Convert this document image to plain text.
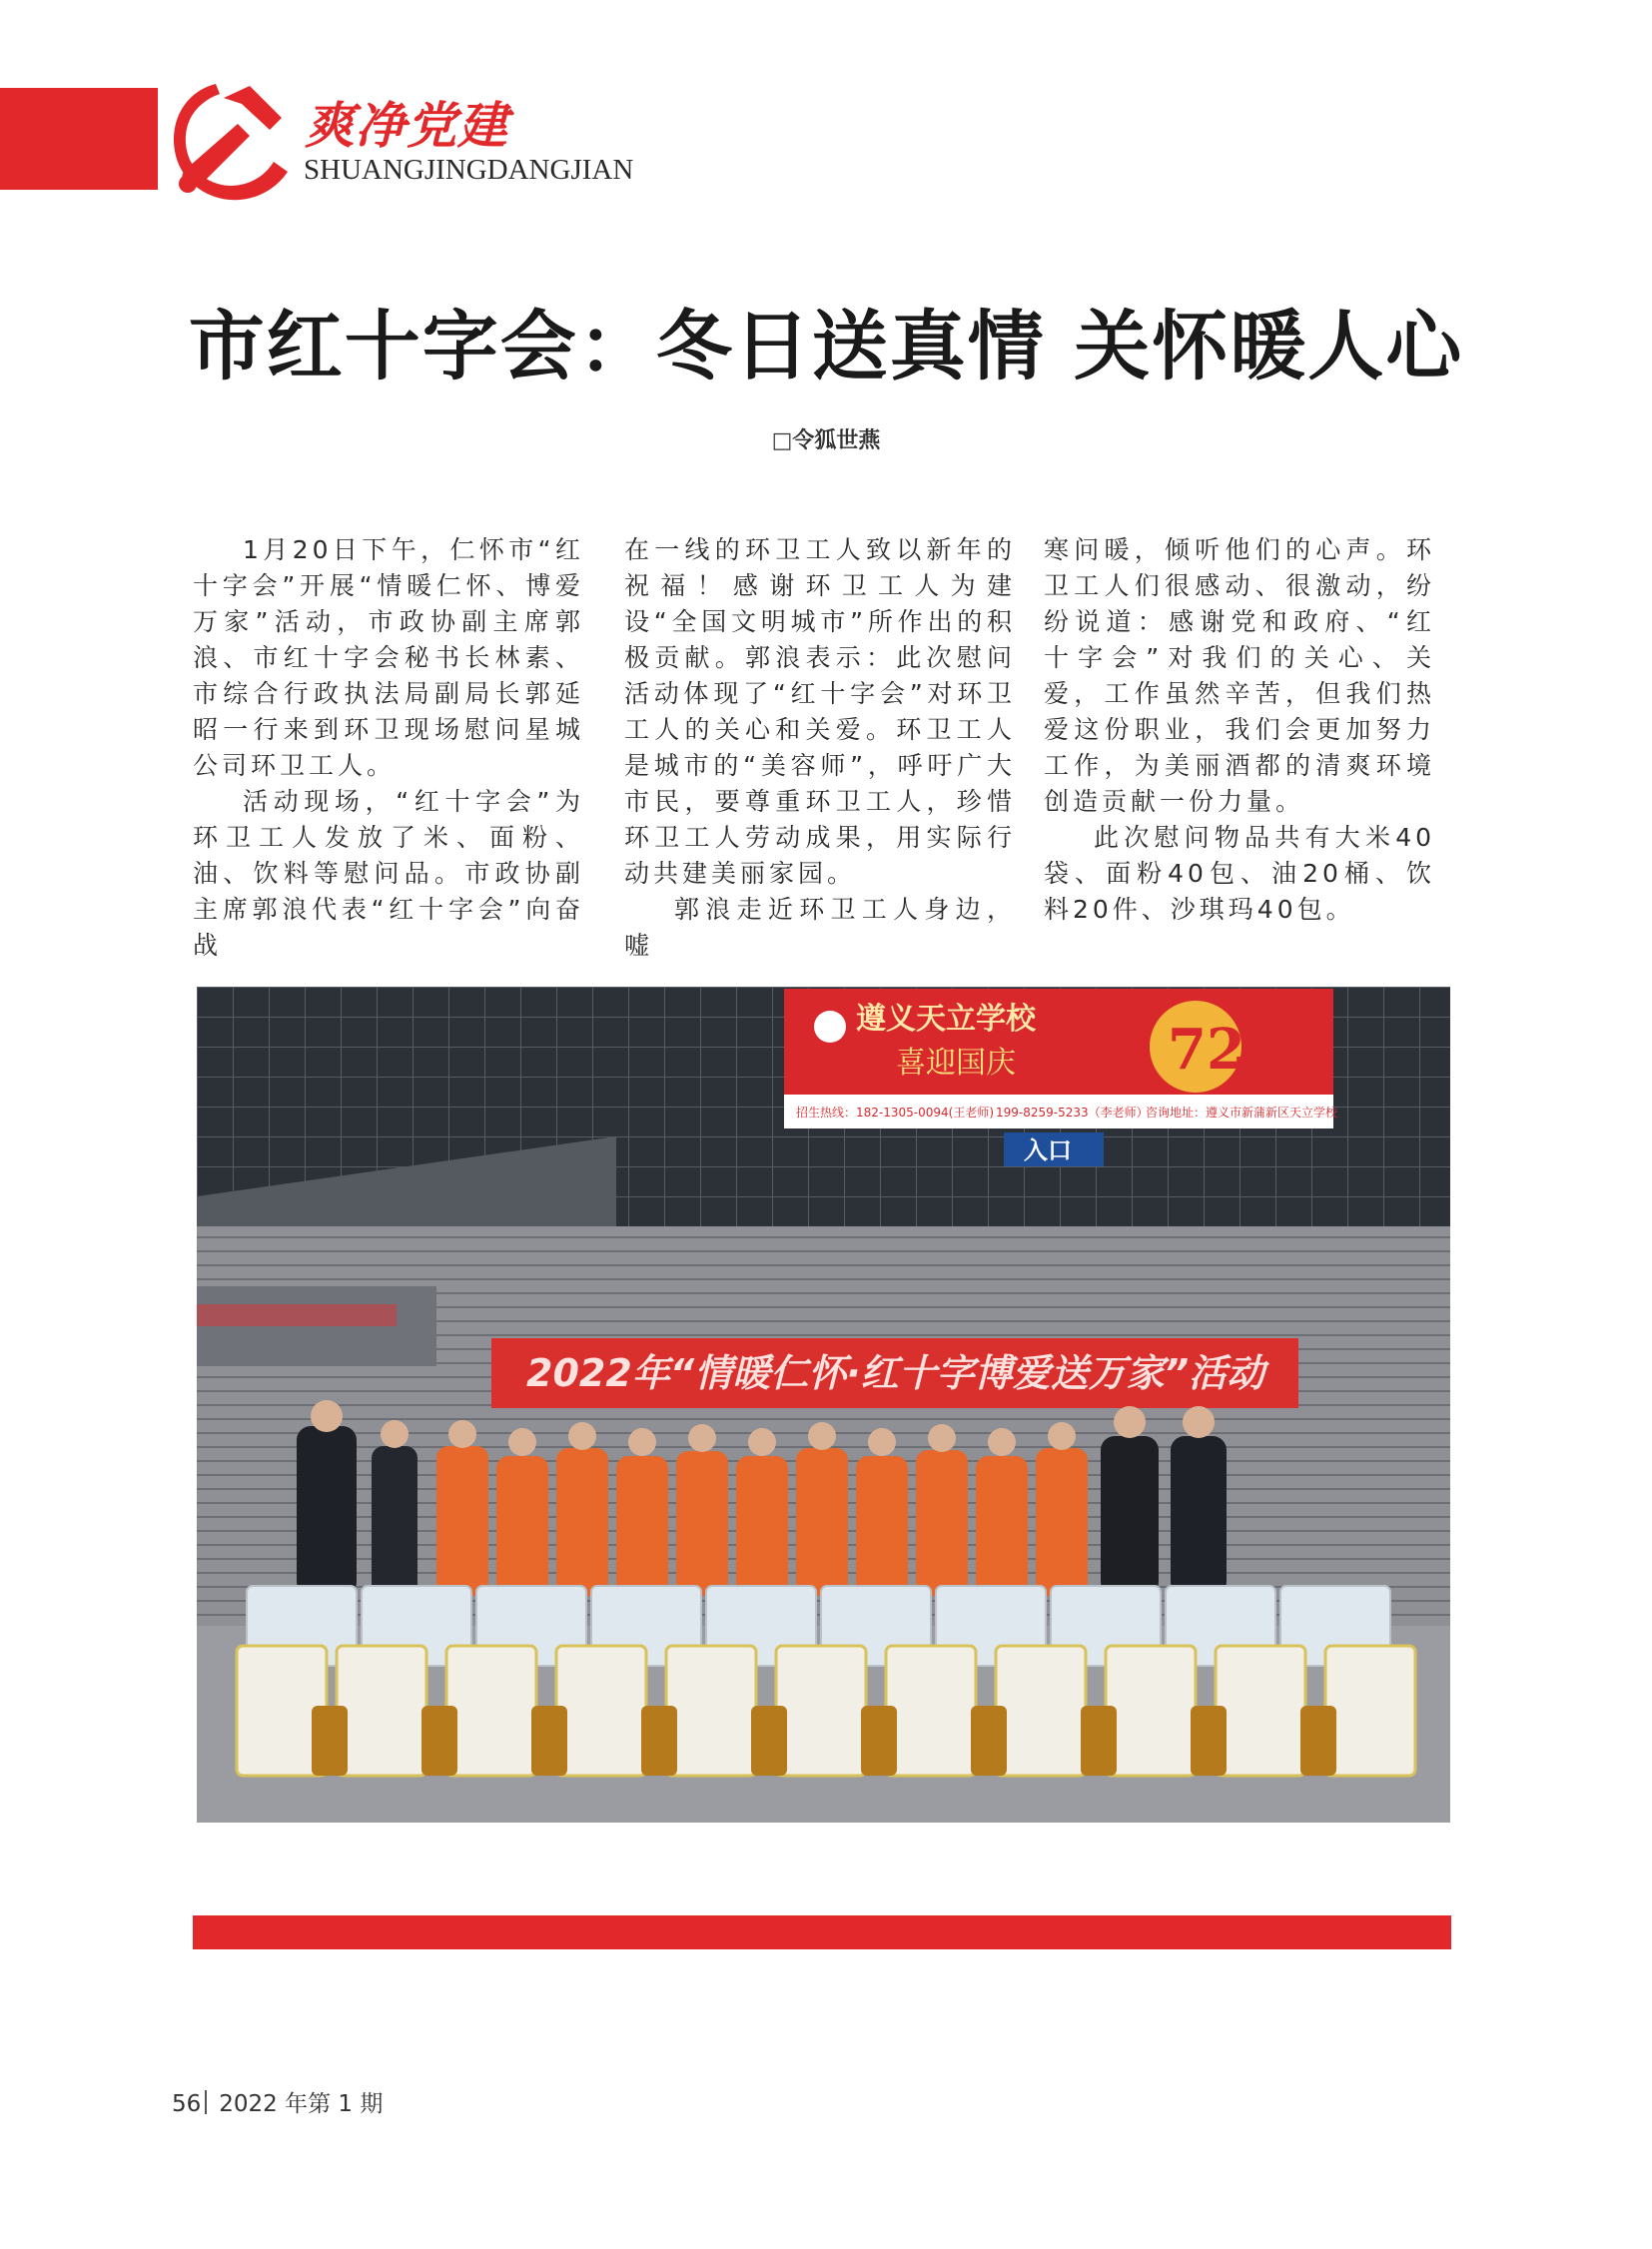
爽净党建
SHUANGJINGDANGJIAN
市红十字会：冬日送真情 关怀暖人心
□令狐世燕

1月20日下午，仁怀市“红十字会”开展“情暖仁怀、博爱万家”活动，市政协副主席郭浪、市红十字会秘书长林素、市综合行政执法局副局长郭延昭一行来到环卫现场慰问星城公司环卫工人。

活动现场，“红十字会”为环卫工人发放了米、面粉、油、饮料等慰问品。市政协副主席郭浪代表“红十字会”向奋战

在一线的环卫工人致以新年的祝福！感谢环卫工人为建设“全国文明城市”所作出的积极贡献。郭浪表示：此次慰问活动体现了“红十字会”对环卫工人的关心和关爱。环卫工人是城市的“美容师”，呼吁广大市民，要尊重环卫工人，珍惜环卫工人劳动成果，用实际行动共建美丽家园。

郭浪走近环卫工人身边，嘘

寒问暖，倾听他们的心声。环卫工人们很感动、很激动，纷纷说道：感谢党和政府、“红十字会”对我们的关心、关爱，工作虽然辛苦，但我们热爱这份职业，我们会更加努力工作，为美丽酒都的清爽环境创造贡献一份力量。

此次慰问物品共有大米40袋、面粉40包、油20桶、饮料20件、沙琪玛40包。

遵义天立学校
喜迎国庆	72
招生热线：182-1305-0094(王老师) 199-8259-5233（李老师）
咨询地址：遵义市新蒲新区天立学校
入口
2022年“情暖仁怀·红十字博爱送万家”活动
56 2022 年第 1 期
